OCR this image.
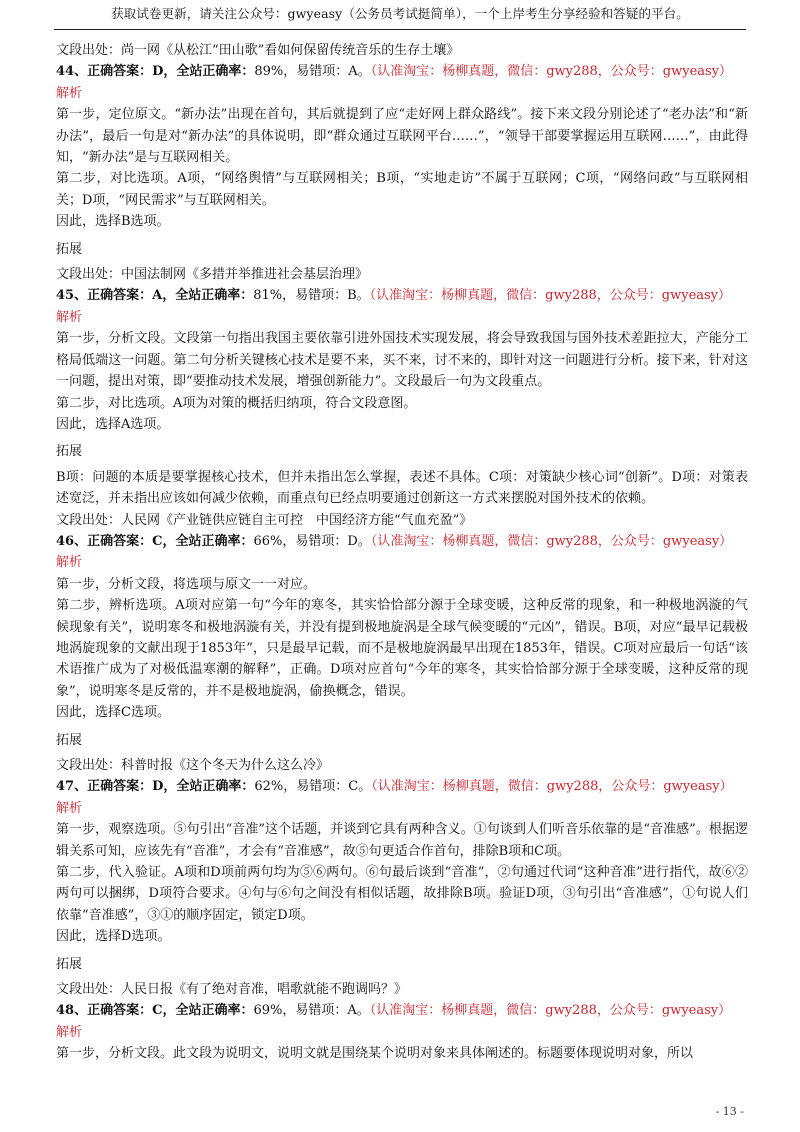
获取试卷更新，请关注公众号：gwyeasy（公务员考试挺简单），一个上岸考生分享经验和答疑的平台。

文段出处：尚一网《从松江“田山歌”看如何保留传统音乐的生存土壤》

44、正确答案：D，全站正确率：89%，易错项：A。（认准淘宝：杨柳真题，微信：gwy288，公众号：gwyeasy）

解析

第一步，定位原文。“新办法”出现在首句，其后就提到了应“走好网上群众路线”。接下来文段分别论述了“老办法”和“新办法”，最后一句是对“新办法”的具体说明，即“群众通过互联网平台……”，“领导干部要掌握运用互联网……”，由此得知，“新办法”是与互联网相关。

第二步，对比选项。A项，“网络舆情”与互联网相关；B项，“实地走访”不属于互联网；C项，“网络问政”与互联网相关；D项，“网民需求”与互联网相关。

因此，选择B选项。

拓展

文段出处：中国法制网《多措并举推进社会基层治理》

45、正确答案：A，全站正确率：81%，易错项：B。（认准淘宝：杨柳真题，微信：gwy288，公众号：gwyeasy）

解析

第一步，分析文段。文段第一句指出我国主要依靠引进外国技术实现发展，将会导致我国与国外技术差距拉大，产能分工格局低端这一问题。第二句分析关键核心技术是要不来，买不来，讨不来的，即针对这一问题进行分析。接下来，针对这一问题，提出对策，即“要推动技术发展，增强创新能力”。文段最后一句为文段重点。

第二步，对比选项。A项为对策的概括归纳项，符合文段意图。

因此，选择A选项。

拓展

B项：问题的本质是要掌握核心技术，但并未指出怎么掌握，表述不具体。C项：对策缺少核心词“创新”。D项：对策表述宽泛，并未指出应该如何减少依赖，而重点句已经点明要通过创新这一方式来摆脱对国外技术的依赖。

文段出处：人民网《产业链供应链自主可控　中国经济方能“气血充盈”》

46、正确答案：C，全站正确率：66%，易错项：D。（认准淘宝：杨柳真题，微信：gwy288，公众号：gwyeasy）

解析

第一步，分析文段，将选项与原文一一对应。

第二步，辨析选项。A项对应第一句“今年的寒冬，其实恰恰部分源于全球变暖，这种反常的现象，和一种极地涡漩的气候现象有关”，说明寒冬和极地涡漩有关，并没有提到极地旋涡是全球气候变暖的“元凶”，错误。B项，对应“最早记载极地涡旋现象的文献出现于1853年”，只是最早记载，而不是极地旋涡最早出现在1853年，错误。C项对应最后一句话“该术语推广成为了对极低温寒潮的解释”，正确。D项对应首句“今年的寒冬，其实恰恰部分源于全球变暖，这种反常的现象”，说明寒冬是反常的，并不是极地旋涡，偷换概念，错误。

因此，选择C选项。

拓展

文段出处：科普时报《这个冬天为什么这么冷》

47、正确答案：D，全站正确率：62%，易错项：C。（认准淘宝：杨柳真题，微信：gwy288，公众号：gwyeasy）

解析

第一步，观察选项。⑤句引出“音准”这个话题，并谈到它具有两种含义。①句谈到人们听音乐依靠的是“音准感”。根据逻辑关系可知，应该先有“音准”，才会有“音准感”，故⑤句更适合作首句，排除B项和C项。

第二步，代入验证。A项和D项前两句均为⑤⑥两句。⑥句最后谈到“音准”，②句通过代词“这种音准”进行指代，故⑥②两句可以捆绑，D项符合要求。④句与⑥句之间没有相似话题，故排除B项。验证D项，③句引出“音准感”，①句说人们依靠“音准感”，③①的顺序固定，锁定D项。

因此，选择D选项。

拓展

文段出处：人民日报《有了绝对音准，唱歌就能不跑调吗？》

48、正确答案：C，全站正确率：69%，易错项：A。（认准淘宝：杨柳真题，微信：gwy288，公众号：gwyeasy）

解析

第一步，分析文段。此文段为说明文，说明文就是围绕某个说明对象来具体阐述的。标题要体现说明对象，所以

- 13 -
